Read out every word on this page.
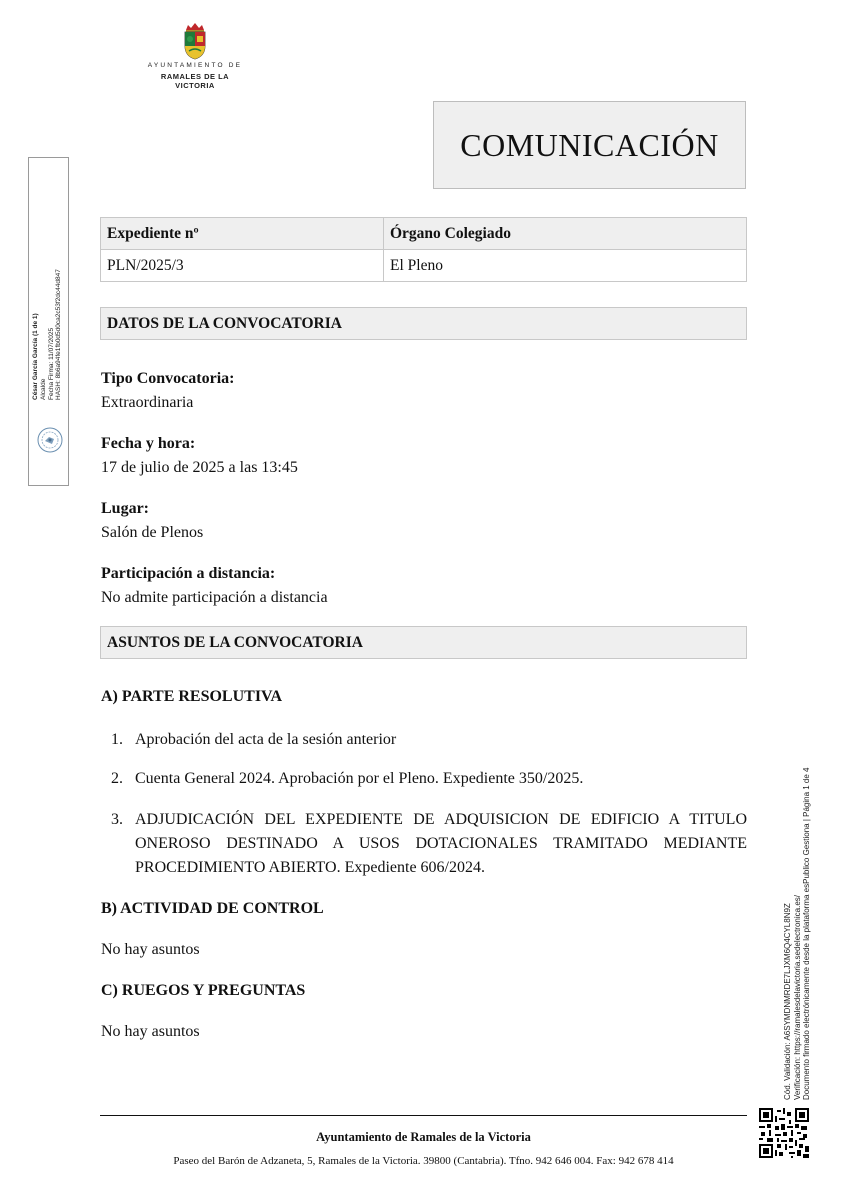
AYUNTAMIENTO DE
RAMALES DE LA VICTORIA
COMUNICACIÓN
César García García (1 de 1) Alcalde Fecha Firma: 11/07/2025 HASH: 8b6a94fe1fb0d5d0ca2c53f2dc44d847
Expediente nº	Órgano Colegiado
PLN/2025/3	El Pleno
DATOS DE LA CONVOCATORIA
Tipo Convocatoria:
Extraordinaria
Fecha y hora:
17 de julio de 2025 a las 13:45
Lugar:
Salón de Plenos
Participación a distancia:
No admite participación a distancia
ASUNTOS DE LA CONVOCATORIA
A) PARTE RESOLUTIVA
1. Aprobación del acta de la sesión anterior
2. Cuenta General 2024. Aprobación por el Pleno. Expediente 350/2025.
3. ADJUDICACIÓN DEL EXPEDIENTE DE ADQUISICION DE EDIFICIO A TITULO ONEROSO DESTINADO A USOS DOTACIONALES TRAMITADO MEDIANTE PROCEDIMIENTO ABIERTO. Expediente 606/2024.
B) ACTIVIDAD DE CONTROL
No hay asuntos
C) RUEGOS Y PREGUNTAS
No hay asuntos	Cód. Validación: A6SYMDNMRDE7LJXM6Q4CYL8N9Z Verificación: https://ramalesdelavictoria.sedelectronica.es/ Documento firmado electrónicamente desde la plataforma esPublico Gestiona | Página 1 de 4
Ayuntamiento de Ramales de la Victoria
Paseo del Barón de Adzaneta, 5, Ramales de la Victoria. 39800 (Cantabria). Tfno. 942 646 004. Fax: 942 678 414
